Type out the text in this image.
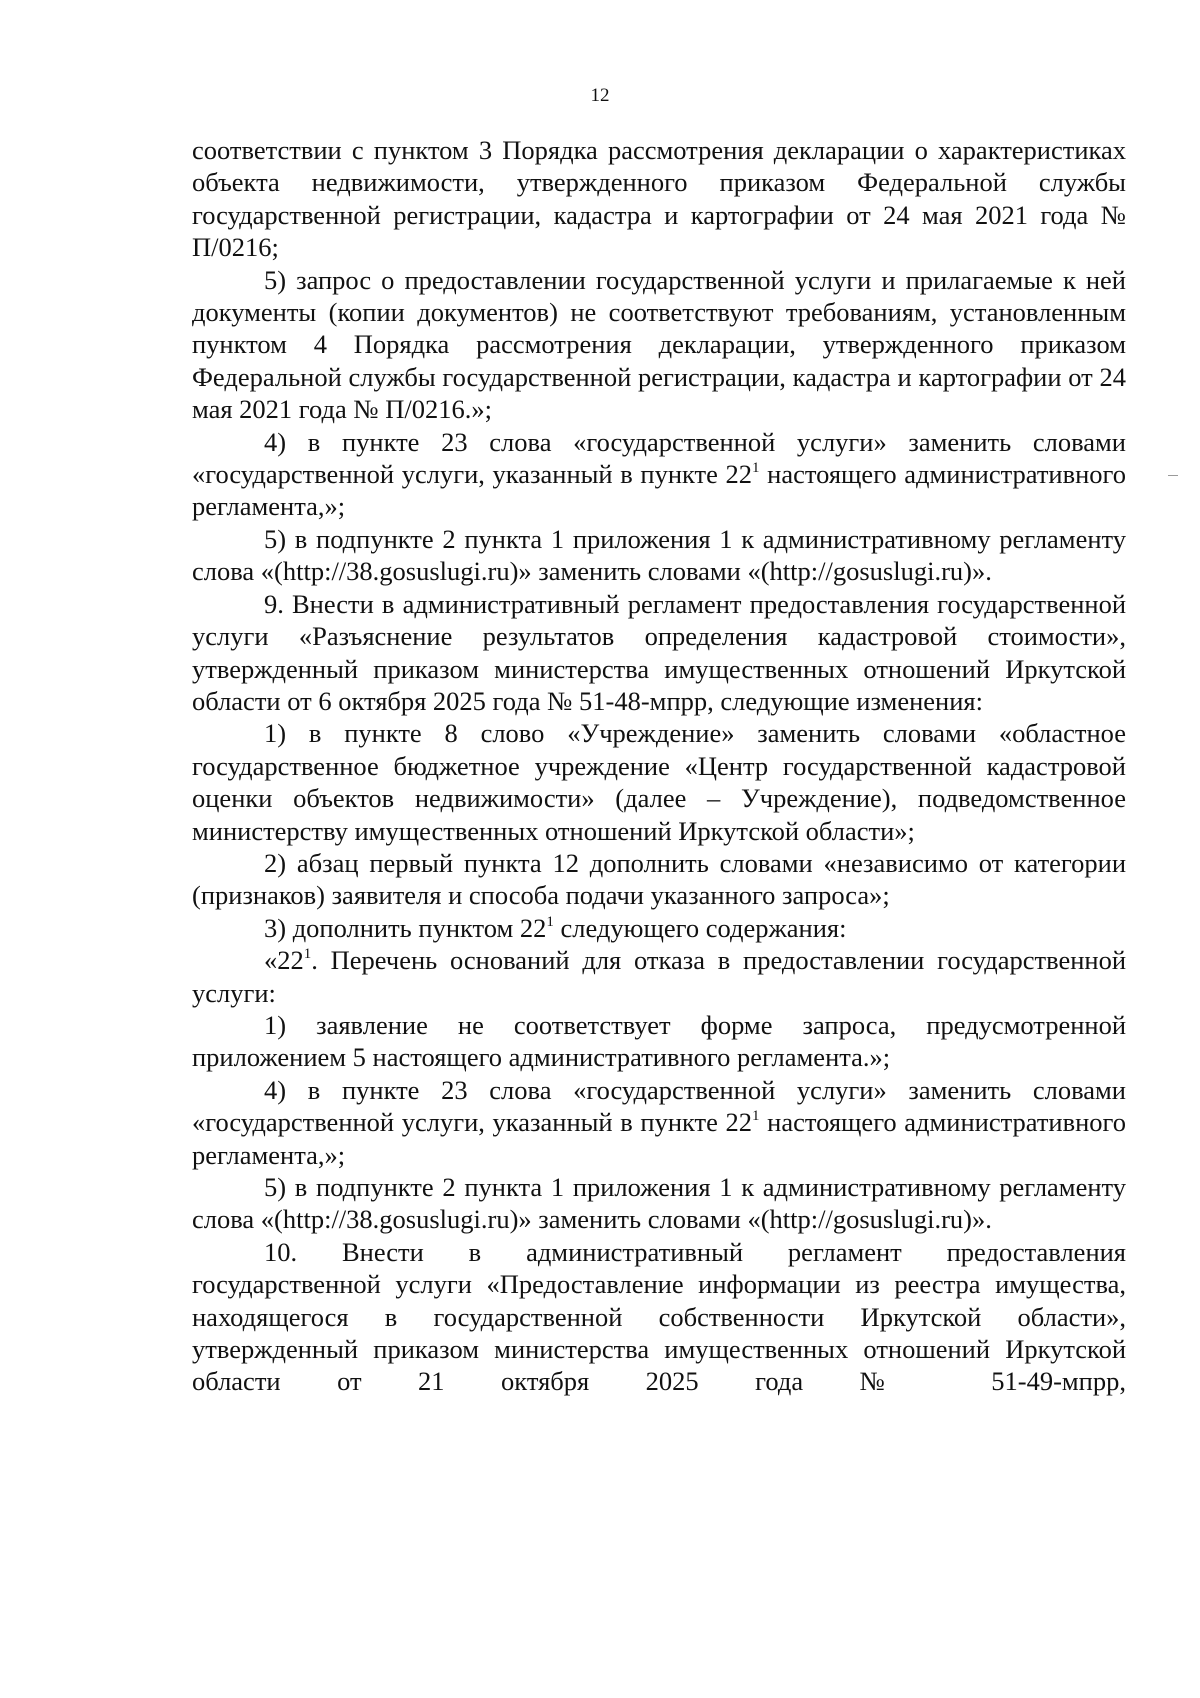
12

соответствии с пунктом 3 Порядка рассмотрения декларации о характеристиках объекта недвижимости, утвержденного приказом Федеральной службы государственной регистрации, кадастра и картографии от 24 мая 2021 года № П/0216;

5) запрос о предоставлении государственной услуги и прилагаемые к ней документы (копии документов) не соответствуют требованиям, установленным пунктом 4 Порядка рассмотрения декларации, утвержденного приказом Федеральной службы государственной регистрации, кадастра и картографии от 24 мая 2021 года № П/0216.»;

4) в пункте 23 слова «государственной услуги» заменить словами «государственной услуги, указанный в пункте $22^1$ настоящего административного регламента,»;

5) в подпункте 2 пункта 1 приложения 1 к административному регламенту слова «(http://38.gosuslugi.ru)» заменить словами «(http://gosuslugi.ru)».

9. Внести в административный регламент предоставления государственной услуги «Разъяснение результатов определения кадастровой стоимости», утвержденный приказом министерства имущественных отношений Иркутской области от 6 октября 2025 года № 51-48-мпрр, следующие изменения:

1) в пункте 8 слово «Учреждение» заменить словами «областное государственное бюджетное учреждение «Центр государственной кадастровой оценки объектов недвижимости» (далее – Учреждение), подведомственное министерству имущественных отношений Иркутской области»;

2) абзац первый пункта 12 дополнить словами «независимо от категории (признаков) заявителя и способа подачи указанного запроса»;

3) дополнить пунктом $22^1$ следующего содержания:

«$22^1$. Перечень оснований для отказа в предоставлении государственной услуги:

1) заявление не соответствует форме запроса, предусмотренной приложением 5 настоящего административного регламента.»;

4) в пункте 23 слова «государственной услуги» заменить словами «государственной услуги, указанный в пункте $22^1$ настоящего административного регламента,»;

5) в подпункте 2 пункта 1 приложения 1 к административному регламенту слова «(http://38.gosuslugi.ru)» заменить словами «(http://gosuslugi.ru)».

10. Внести в административный регламент предоставления государственной услуги «Предоставление информации из реестра имущества, находящегося в государственной собственности Иркутской области», утвержденный приказом министерства имущественных отношений Иркутской области от 21 октября 2025 года № 51-49-мпрр,
